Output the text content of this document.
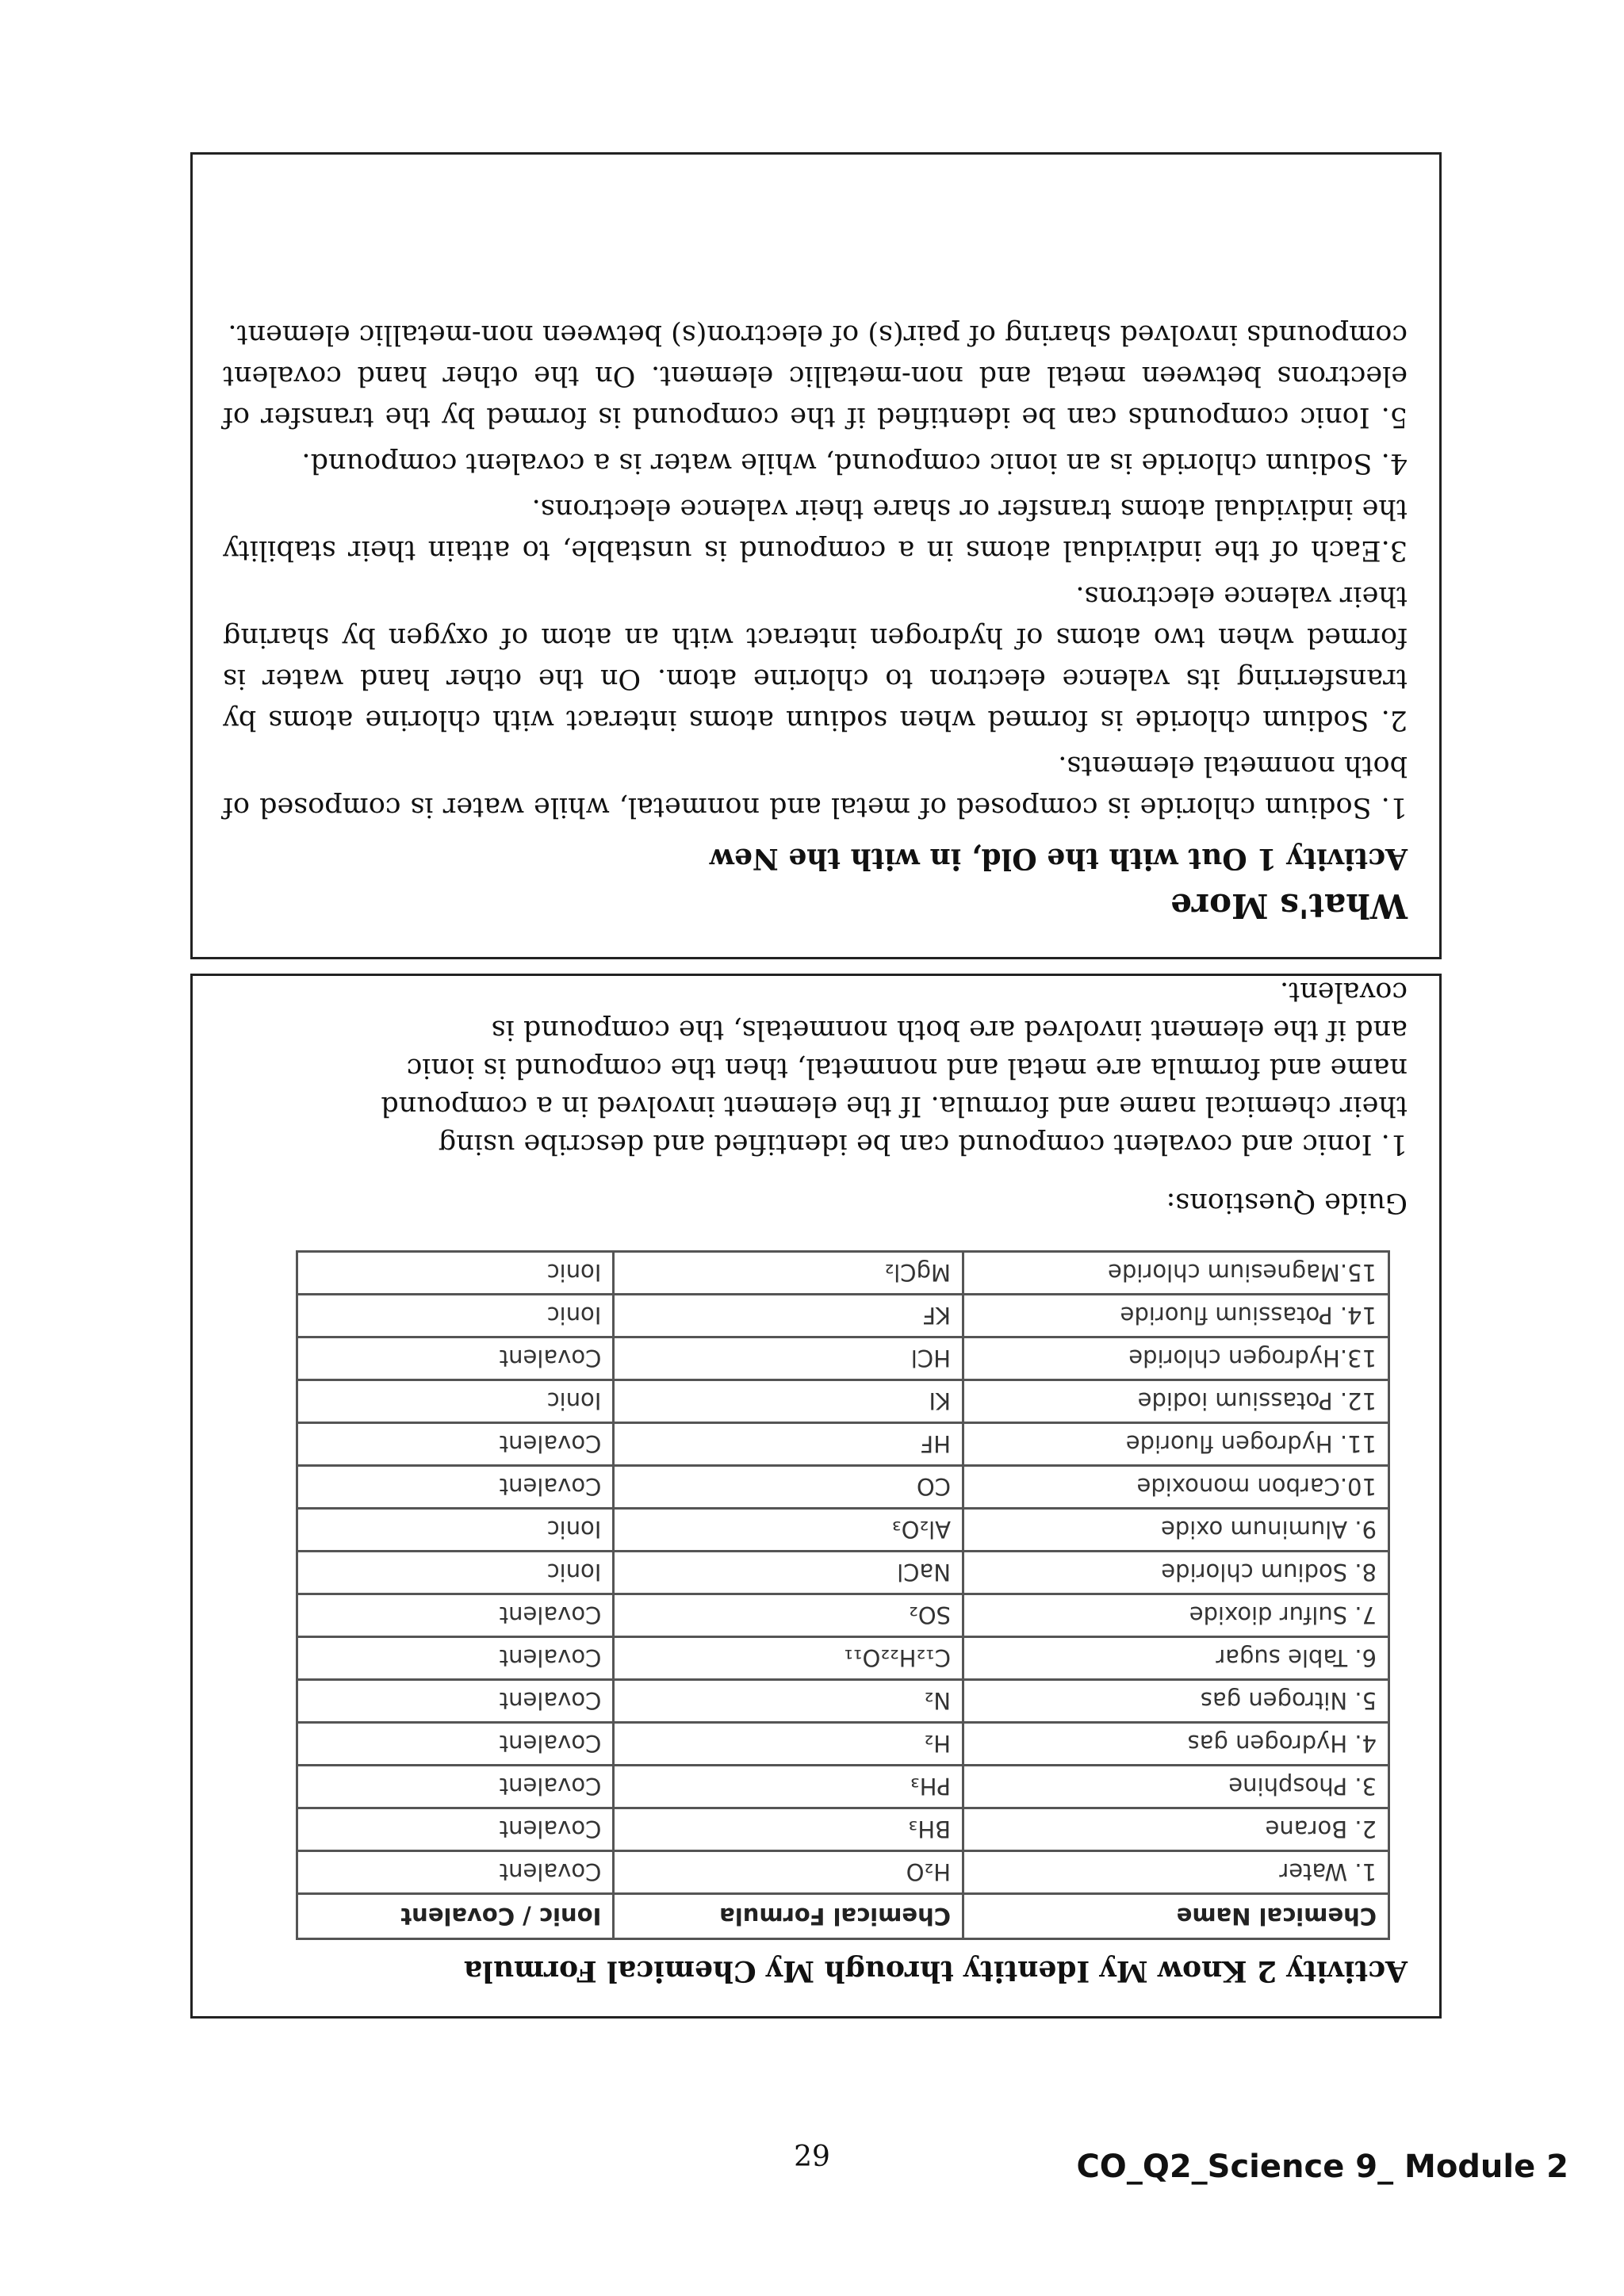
What's More
Activity 1 Out with the Old, in with the New

1. Sodium chloride is composed of metal and nonmetal, while water is composed of both nonmetal elements.

2. Sodium chloride is formed when sodium atoms interact with chlorine atoms by transferring its valence electron to chlorine atom. On the other hand water is formed when two atoms of hydrogen interact with an atom of oxygen by sharing their valence electrons.

3.Each of the individual atoms in a compound is unstable, to attain their stability the individual atoms transfer or share their valence electrons.

4. Sodium chloride is an ionic compound, while water is a covalent compound.

5. Ionic compounds can be identified if the compound is formed by the transfer of electrons between metal and non-metallic element. On the other hand covalent compounds involved sharing of pair(s) of electron(s) between non-metallic element.

Activity 2 Know My Identity through My Chemical Formula
Chemical Name	Chemical Formula	Ionic / Covalent
1. Water	H₂O	Covalent
2. Borane	BH₃	Covalent
3. Phosphine	PH₃	Covalent
4. Hydrogen gas	H₂	Covalent
5. Nitrogen gas	N₂	Covalent
6. Table sugar	C₁₂H₂₂O₁₁	Covalent
7. Sulfur dioxide	SO₂	Covalent
8. Sodium chloride	NaCl	Ionic
9. Aluminum oxide	Al₂O₃	Ionic
10.Carbon monoxide	CO	Covalent
11. Hydrogen fluoride	HF	Covalent
12. Potassium iodide	KI	Ionic
13.Hydrogen chloride	HCl	Covalent
14. Potassium fluoride	KF	Ionic
15.Magnesium chloride	MgCl₂	Ionic
Guide Questions:

1. Ionic and covalent compound can be identified and describe using their chemical name and formula. If the element involved in a compound name and formula are metal and nonmetal, then the compound is ionic and if the element involved are both nonmetals, the compound is covalent.

29	CO_Q2_Science 9_ Module 2
